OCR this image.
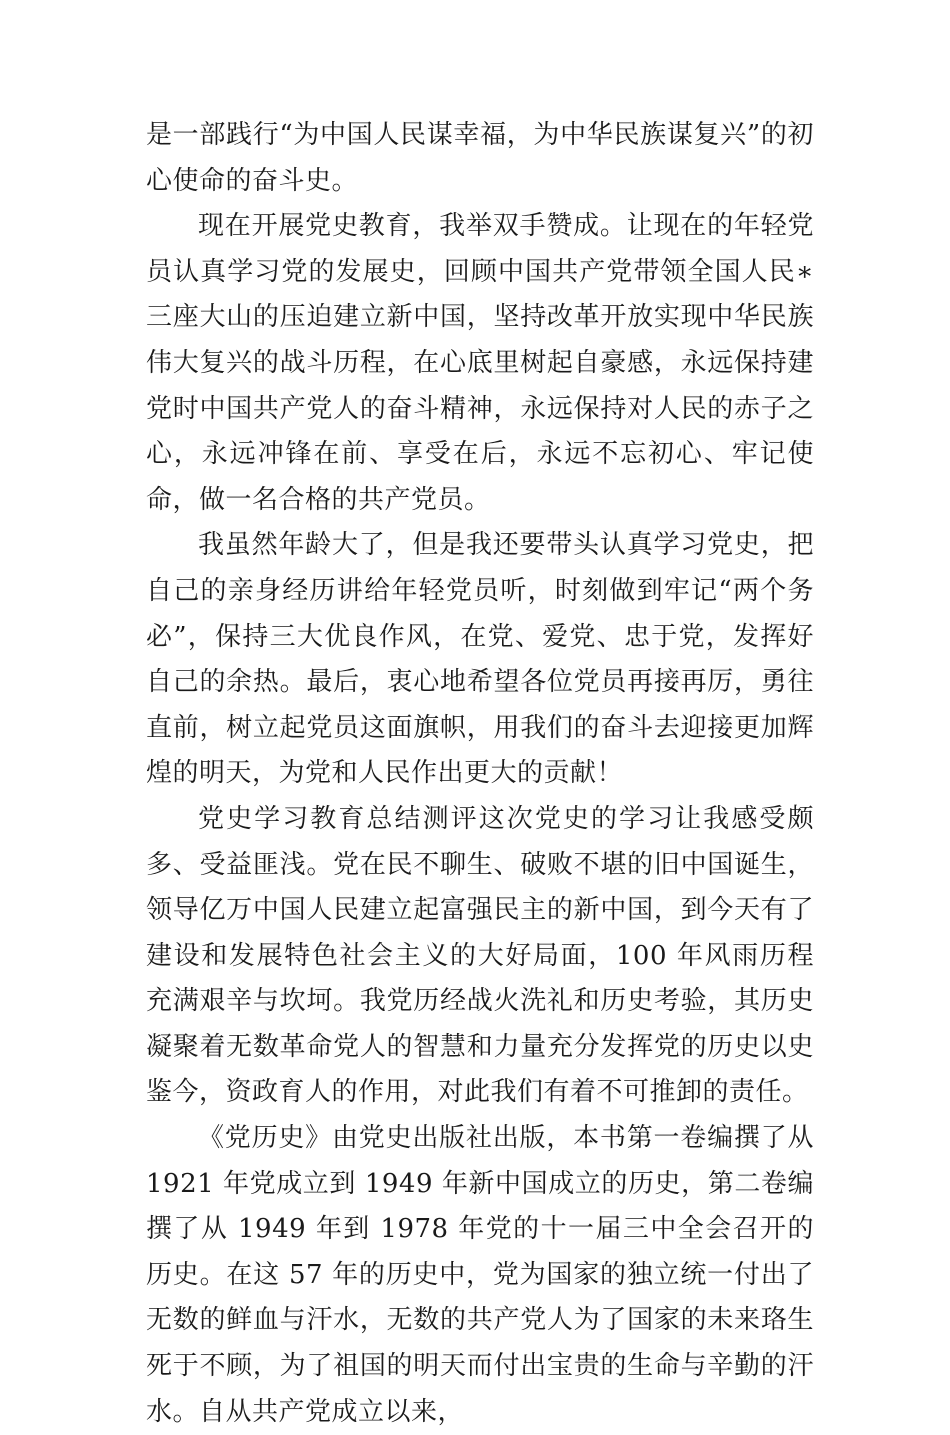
是一部践行“为中国人民谋幸福，为中华民族谋复兴”的初心使命的奋斗史。

现在开展党史教育，我举双手赞成。让现在的年轻党员认真学习党的发展史，回顾中国共产党带领全国人民∗三座大山的压迫建立新中国，坚持改革开放实现中华民族伟大复兴的战斗历程，在心底里树起自豪感，永远保持建党时中国共产党人的奋斗精神，永远保持对人民的赤子之心，永远冲锋在前、享受在后，永远不忘初心、牢记使命，做一名合格的共产党员。

我虽然年龄大了，但是我还要带头认真学习党史，把自己的亲身经历讲给年轻党员听，时刻做到牢记“两个务必”，保持三大优良作风，在党、爱党、忠于党，发挥好自己的余热。最后，衷心地希望各位党员再接再厉，勇往直前，树立起党员这面旗帜，用我们的奋斗去迎接更加辉煌的明天，为党和人民作出更大的贡献！

党史学习教育总结测评这次党史的学习让我感受颇多、受益匪浅。党在民不聊生、破败不堪的旧中国诞生，领导亿万中国人民建立起富强民主的新中国，到今天有了建设和发展特色社会主义的大好局面，100 年风雨历程充满艰辛与坎坷。我党历经战火洗礼和历史考验，其历史凝聚着无数革命党人的智慧和力量充分发挥党的历史以史鉴今，资政育人的作用，对此我们有着不可推卸的责任。

《党历史》由党史出版社出版，本书第一卷编撰了从 1921 年党成立到 1949 年新中国成立的历史，第二卷编撰了从 1949 年到 1978 年党的十一届三中全会召开的历史。在这 57 年的历史中，党为国家的独立统一付出了无数的鲜血与汗水，无数的共产党人为了国家的未来珞生死于不顾，为了祖国的明天而付出宝贵的生命与辛勤的汗水。自从共产党成立以来，
